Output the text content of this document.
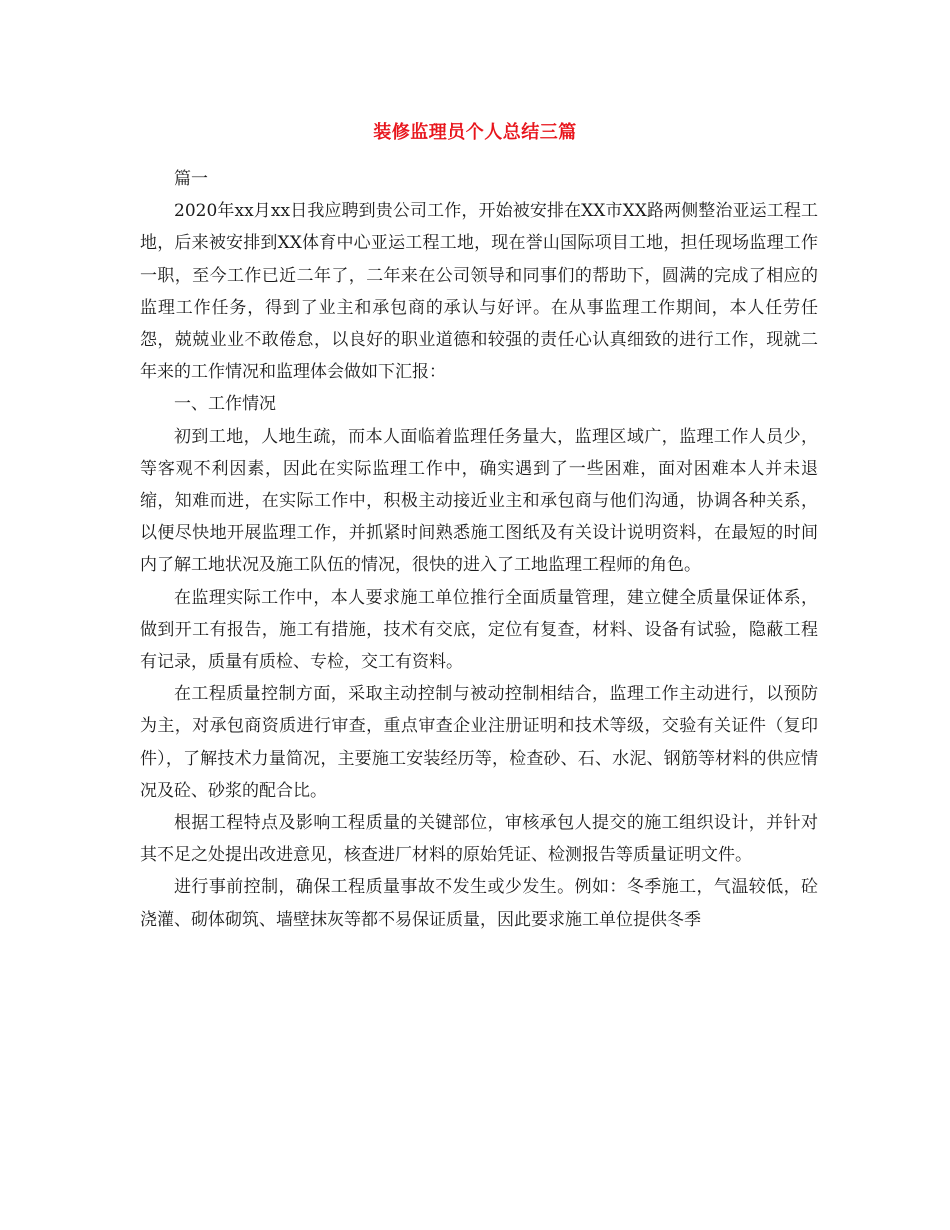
装修监理员个人总结三篇

篇一

2020年xx月xx日我应聘到贵公司工作，开始被安排在XX市XX路两侧整治亚运工程工地，后来被安排到XX体育中心亚运工程工地，现在誉山国际项目工地，担任现场监理工作一职，至今工作已近二年了，二年来在公司领导和同事们的帮助下，圆满的完成了相应的监理工作任务，得到了业主和承包商的承认与好评。在从事监理工作期间，本人任劳任怨，兢兢业业不敢倦怠，以良好的职业道德和较强的责任心认真细致的进行工作，现就二年来的工作情况和监理体会做如下汇报：

一、工作情况

初到工地，人地生疏，而本人面临着监理任务量大，监理区域广，监理工作人员少，等客观不利因素，因此在实际监理工作中，确实遇到了一些困难，面对困难本人并未退缩，知难而进，在实际工作中，积极主动接近业主和承包商与他们沟通，协调各种关系，以便尽快地开展监理工作，并抓紧时间熟悉施工图纸及有关设计说明资料，在最短的时间内了解工地状况及施工队伍的情况，很快的进入了工地监理工程师的角色。

在监理实际工作中，本人要求施工单位推行全面质量管理，建立健全质量保证体系，做到开工有报告，施工有措施，技术有交底，定位有复查，材料、设备有试验，隐蔽工程有记录，质量有质检、专检，交工有资料。

在工程质量控制方面，采取主动控制与被动控制相结合，监理工作主动进行，以预防为主，对承包商资质进行审查，重点审查企业注册证明和技术等级，交验有关证件（复印件），了解技术力量简况，主要施工安装经历等，检查砂、石、水泥、钢筋等材料的供应情况及砼、砂浆的配合比。

根据工程特点及影响工程质量的关键部位，审核承包人提交的施工组织设计，并针对其不足之处提出改进意见，核查进厂材料的原始凭证、检测报告等质量证明文件。

进行事前控制，确保工程质量事故不发生或少发生。例如：冬季施工，气温较低，砼浇灌、砌体砌筑、墙壁抹灰等都不易保证质量，因此要求施工单位提供冬季
